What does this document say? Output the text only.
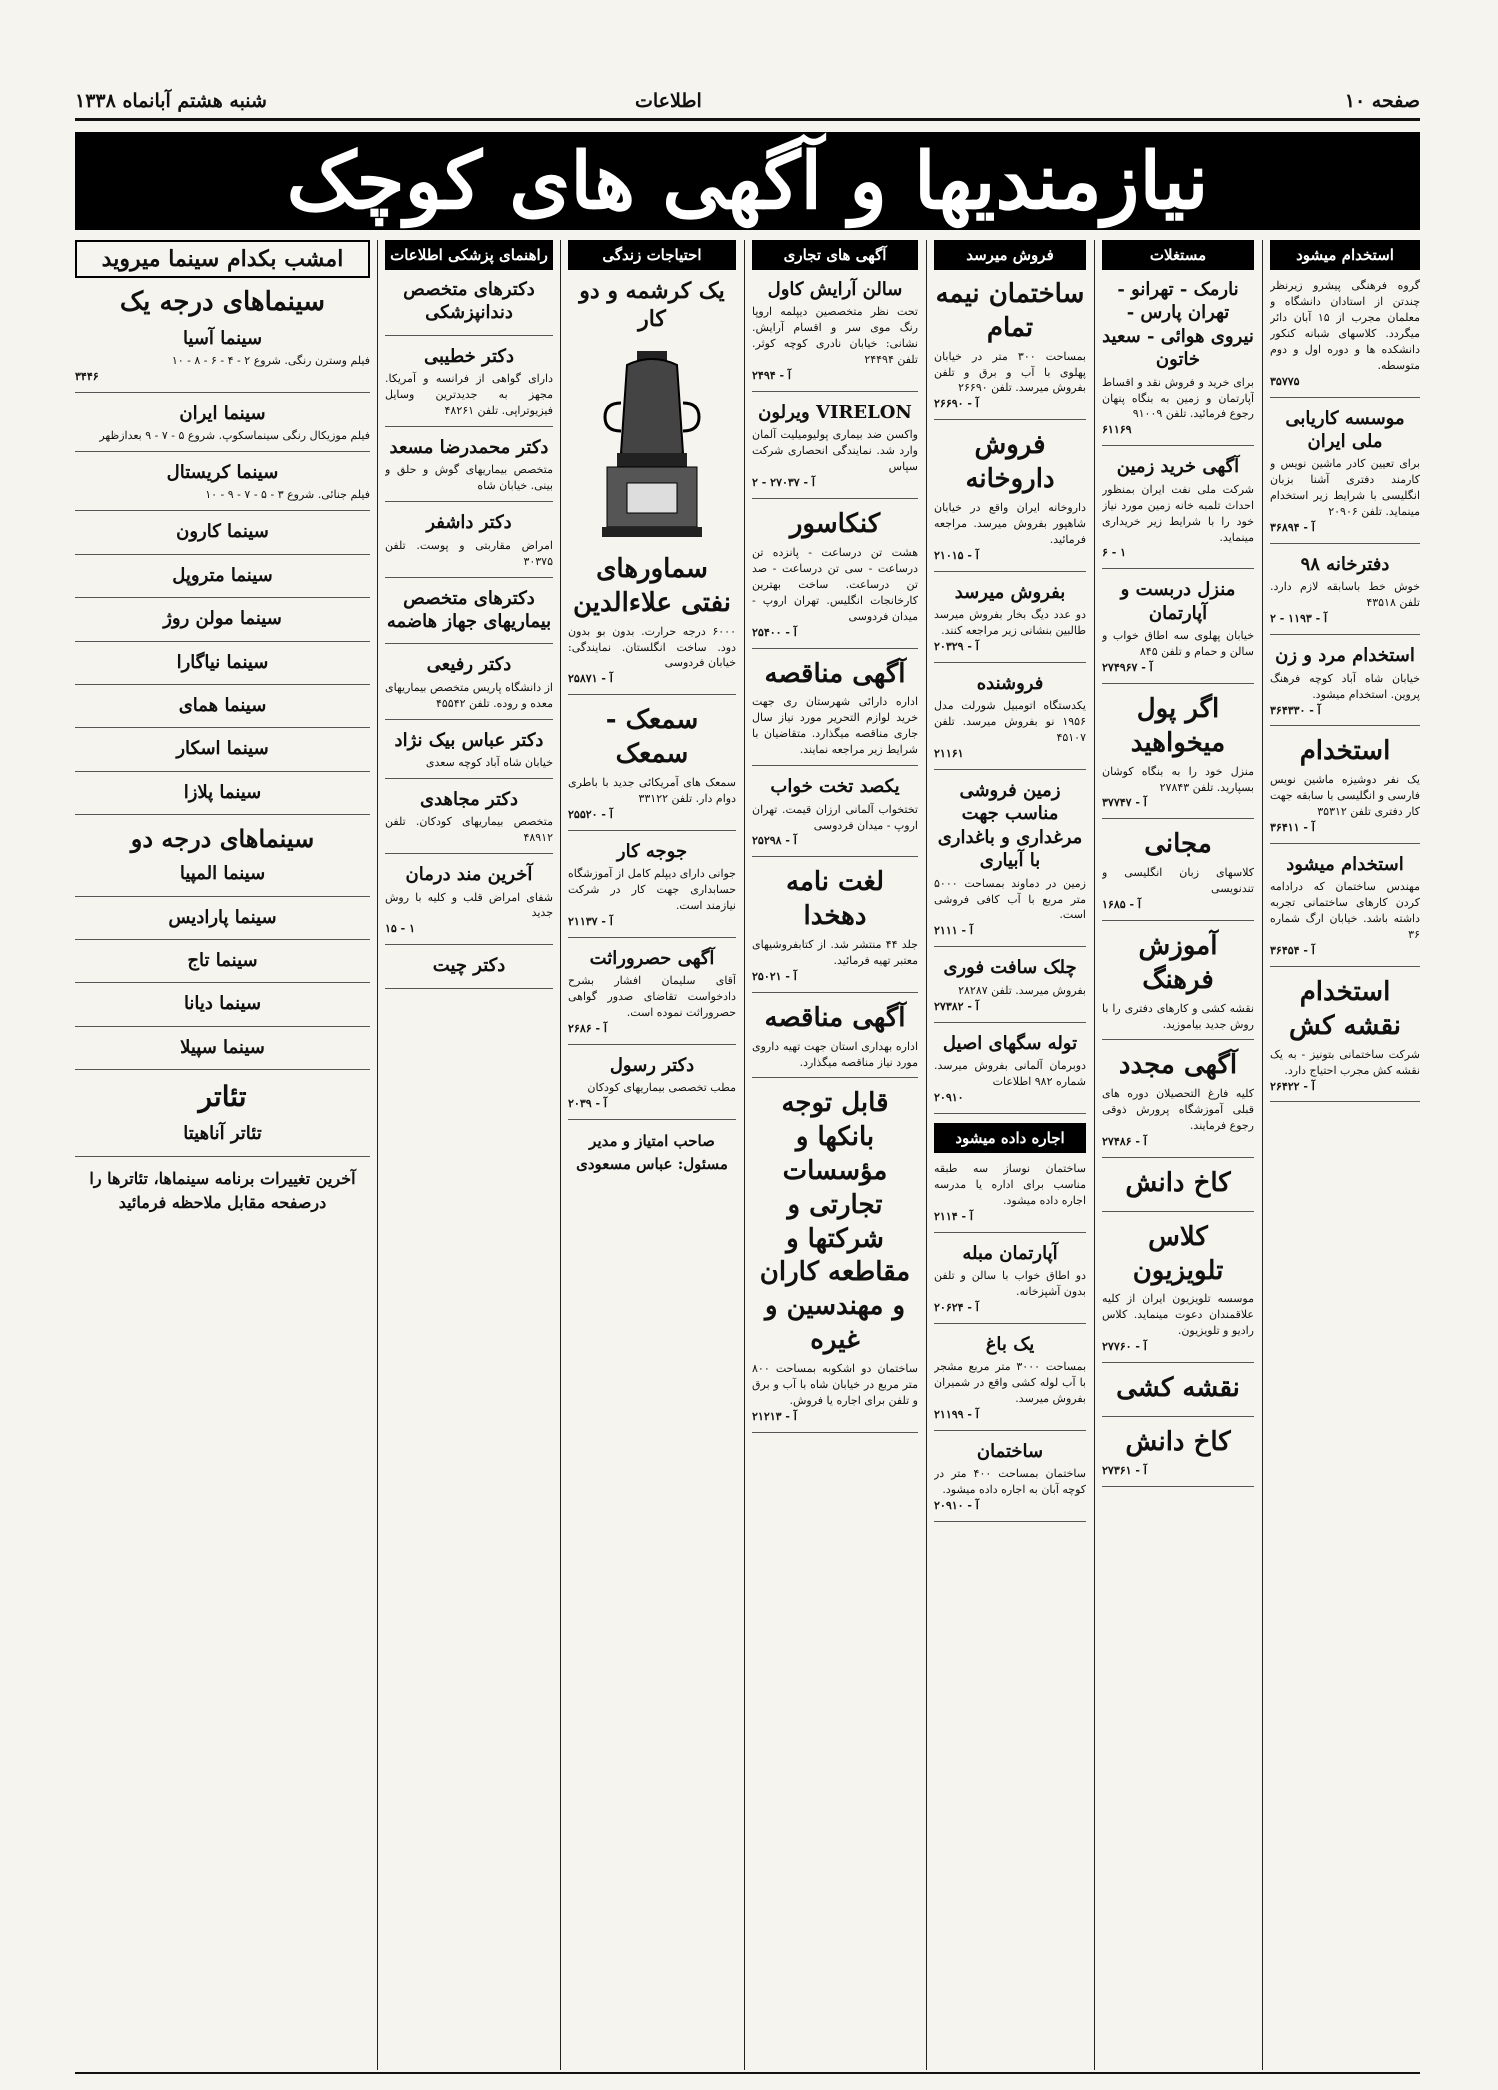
صفحه ۱۰
اطلاعات
شنبه هشتم آبانماه ۱۳۳۸
نیازمندیها و آگهی های کوچک
استخدام میشود
گروه فرهنگی پیشرو زیرنظر چندتن از استادان دانشگاه و معلمان مجرب از ۱۵ آبان دائر میگردد. کلاسهای شبانه کنکور دانشکده ها و دوره اول و دوم متوسطه.
۳۵۷۷۵
موسسه کاریابی ملی ایران
برای تعیین کادر ماشین نویس و کارمند دفتری آشنا بزبان انگلیسی با شرایط زیر استخدام مینماید. تلفن ۲۰۹۰۶
آ - ۳۶۸۹۴
دفترخانه ۹۸
خوش خط باسابقه لازم دارد. تلفن ۴۳۵۱۸
آ - ۱۱۹۳ - ۲
استخدام مرد و زن
خیابان شاه آباد کوچه فرهنگ پروین. استخدام میشود.
آ - ۳۶۴۳۳۰
استخدام
یک نفر دوشیزه ماشین نویس فارسی و انگلیسی با سابقه جهت کار دفتری تلفن ۳۵۳۱۲
آ - ۳۶۴۱۱
استخدام میشود
مهندس ساختمان که درادامه کردن کارهای ساختمانی تجربه داشته باشد. خیابان ارگ شماره ۳۶
آ - ۳۶۴۵۴
استخدام نقشه کش
شرکت ساختمانی بتونیز - به یک نقشه کش مجرب احتیاج دارد.
آ - ۲۶۴۲۲
مستغلات
نارمک - تهرانو - تهران پارس - نیروی هوائی - سعید خاتون
برای خرید و فروش نقد و اقساط آپارتمان و زمین به بنگاه پنهان رجوع فرمائید. تلفن ۹۱۰۰۹
۶۱۱۶۹
آگهی خرید زمین
شرکت ملی نفت ایران بمنظور احداث تلمبه خانه زمین مورد نیاز خود را با شرایط زیر خریداری مینماید.
۱ - ۶
منزل دربست و آپارتمان
خیابان پهلوی سه اطاق خواب و سالن و حمام و تلفن ۸۴۵
آ - ۲۷۴۹۶۷
اگر پول میخواهید
منزل خود را به بنگاه کوشان بسپارید. تلفن ۲۷۸۴۳
آ - ۳۷۷۴۷
مجانی
کلاسهای زبان انگلیسی و تندنویسی
آ - ۱۶۸۵
آموزش فرهنگ
نقشه کشی و کارهای دفتری را با روش جدید بیاموزید.
آگهی مجدد
کلیه فارغ التحصیلان دوره های قبلی آموزشگاه پرورش ذوقی رجوع فرمایند.
آ - ۲۷۴۸۶
کاخ دانش
کلاس تلویزیون
موسسه تلویزیون ایران از کلیه علاقمندان دعوت مینماید. کلاس رادیو و تلویزیون.
آ - ۲۷۷۶۰
نقشه کشی
کاخ دانش
آ - ۲۷۳۶۱
فروش میرسد
ساختمان نیمه تمام
بمساحت ۳۰۰ متر در خیابان پهلوی با آب و برق و تلفن بفروش میرسد. تلفن ۲۶۶۹۰
آ - ۲۶۶۹۰
فروش داروخانه
داروخانه ایران واقع در خیابان شاهپور بفروش میرسد. مراجعه فرمائید.
آ - ۲۱۰۱۵
بفروش میرسد
دو عدد دیگ بخار بفروش میرسد طالبین بنشانی زیر مراجعه کنند.
آ - ۲۰۳۲۹
فروشنده
یکدستگاه اتومبیل شورلت مدل ۱۹۵۶ نو بفروش میرسد. تلفن ۴۵۱۰۷
۲۱۱۶۱
زمین فروشی مناسب جهت مرغداری و باغداری با آبیاری
زمین در دماوند بمساحت ۵۰۰۰ متر مربع با آب کافی فروشی است.
آ - ۲۱۱۱
چلک سافت فوری
بفروش میرسد. تلفن ۲۸۲۸۷
آ - ۲۷۳۸۲
توله سگهای اصیل
دوبرمان آلمانی بفروش میرسد. شماره ۹۸۲ اطلاعات
۲۰۹۱۰
اجاره داده میشود
ساختمان نوساز سه طبقه مناسب برای اداره یا مدرسه اجاره داده میشود.
آ - ۲۱۱۴
آپارتمان مبله
دو اطاق خواب با سالن و تلفن بدون آشپزخانه.
آ - ۲۰۶۲۴
یک باغ
بمساحت ۳۰۰۰ متر مربع مشجر با آب لوله کشی واقع در شمیران بفروش میرسد.
آ - ۲۱۱۹۹
ساختمان
ساختمان بمساحت ۴۰۰ متر در کوچه آبان به اجاره داده میشود.
آ - ۲۰۹۱۰
آگهی های تجاری
سالن آرایش کاول
تحت نظر متخصصین دیپلمه اروپا رنگ موی سر و اقسام آرایش. نشانی: خیابان نادری کوچه کوثر. تلفن ۲۴۴۹۴
آ - ۲۴۹۴
VIRELON ویرلون
واکسن ضد بیماری پولیومیلیت آلمان وارد شد. نمایندگی انحصاری شرکت سپاس
آ - ۲۷۰۳۷ - ۲
کنکاسور
هشت تن درساعت - پانزده تن درساعت - سی تن درساعت - صد تن درساعت. ساخت بهترین کارخانجات انگلیس. تهران اروپ - میدان فردوسی
آ - ۲۵۴۰۰
آگهی مناقصه
اداره دارائی شهرستان ری جهت خرید لوازم التحریر مورد نیاز سال جاری مناقصه میگذارد. متقاضیان با شرایط زیر مراجعه نمایند.
یکصد تخت خواب
تختخواب آلمانی ارزان قیمت. تهران اروپ - میدان فردوسی
آ - ۲۵۲۹۸
لغت نامه دهخدا
جلد ۴۴ منتشر شد. از کتابفروشیهای معتبر تهیه فرمائید.
آ - ۲۵۰۲۱
آگهی مناقصه
اداره بهداری استان جهت تهیه داروی مورد نیاز مناقصه میگذارد.
قابل توجه بانکها و مؤسسات تجارتی و شرکتها و مقاطعه کاران و مهندسین و غیره
ساختمان دو اشکوبه بمساحت ۸۰۰ متر مربع در خیابان شاه با آب و برق و تلفن برای اجاره یا فروش.
آ - ۲۱۲۱۳
احتیاجات زندگی
یک کرشمه و دو کار
سماورهای نفتی علاءالدین
۶۰۰۰ درجه حرارت. بدون بو بدون دود. ساخت انگلستان. نمایندگی: خیابان فردوسی
آ - ۲۵۸۷۱
سمعک - سمعک
سمعک های آمریکائی جدید با باطری دوام دار. تلفن ۳۳۱۲۲
آ - ۲۵۵۲۰
جوجه کار
جوانی دارای دیپلم کامل از آموزشگاه حسابداری جهت کار در شرکت نیازمند است.
آ - ۲۱۱۳۷
آگهی حصروراثت
آقای سلیمان افشار بشرح دادخواست تقاضای صدور گواهی حصروراثت نموده است.
آ - ۲۶۸۶
دکتر رسول
مطب تخصصی بیماریهای کودکان
آ - ۲۰۳۹
صاحب امتیاز و مدیر مسئول: عباس مسعودی
راهنمای پزشکی اطلاعات
دکترهای متخصص دندانپزشکی
دکتر خطیبی
دارای گواهی از فرانسه و آمریکا. مجهز به جدیدترین وسایل فیزیوتراپی. تلفن ۴۸۲۶۱
دکتر محمدرضا مسعد
متخصص بیماریهای گوش و حلق و بینی. خیابان شاه
دکتر داشفر
امراض مقاربتی و پوست. تلفن ۳۰۳۷۵
دکترهای متخصص بیماریهای جهاز هاضمه
دکتر رفیعی
از دانشگاه پاریس متخصص بیماریهای معده و روده. تلفن ۴۵۵۴۲
دکتر عباس بیک نژاد
خیابان شاه آباد کوچه سعدی
دکتر مجاهدی
متخصص بیماریهای کودکان. تلفن ۴۸۹۱۲
آخرین مند درمان
شفای امراض قلب و کلیه با روش جدید
۱ - ۱۵
دکتر چیت
امشب بکدام سینما میروید
سینماهای درجه یک
سینما آسیا
فیلم وسترن رنگی. شروع ۲ - ۴ - ۶ - ۸ - ۱۰
۳۴۴۶
سینما ایران
فیلم موزیکال رنگی سینماسکوپ. شروع ۵ - ۷ - ۹ بعدازظهر
سینما کریستال
فیلم جنائی. شروع ۳ - ۵ - ۷ - ۹ - ۱۰
سینما کارون
سینما متروپل
سینما مولن روژ
سینما نیاگارا
سینما همای
سینما اسکار
سینما پلازا
سینماهای درجه دو
سینما المپیا
سینما پارادیس
سینما تاج
سینما دیانا
سینما سپیلا
تئاتر
تئاتر آناهیتا
آخرین تغییرات برنامه سینماها، تئاترها را درصفحه مقابل ملاحظه فرمائید
